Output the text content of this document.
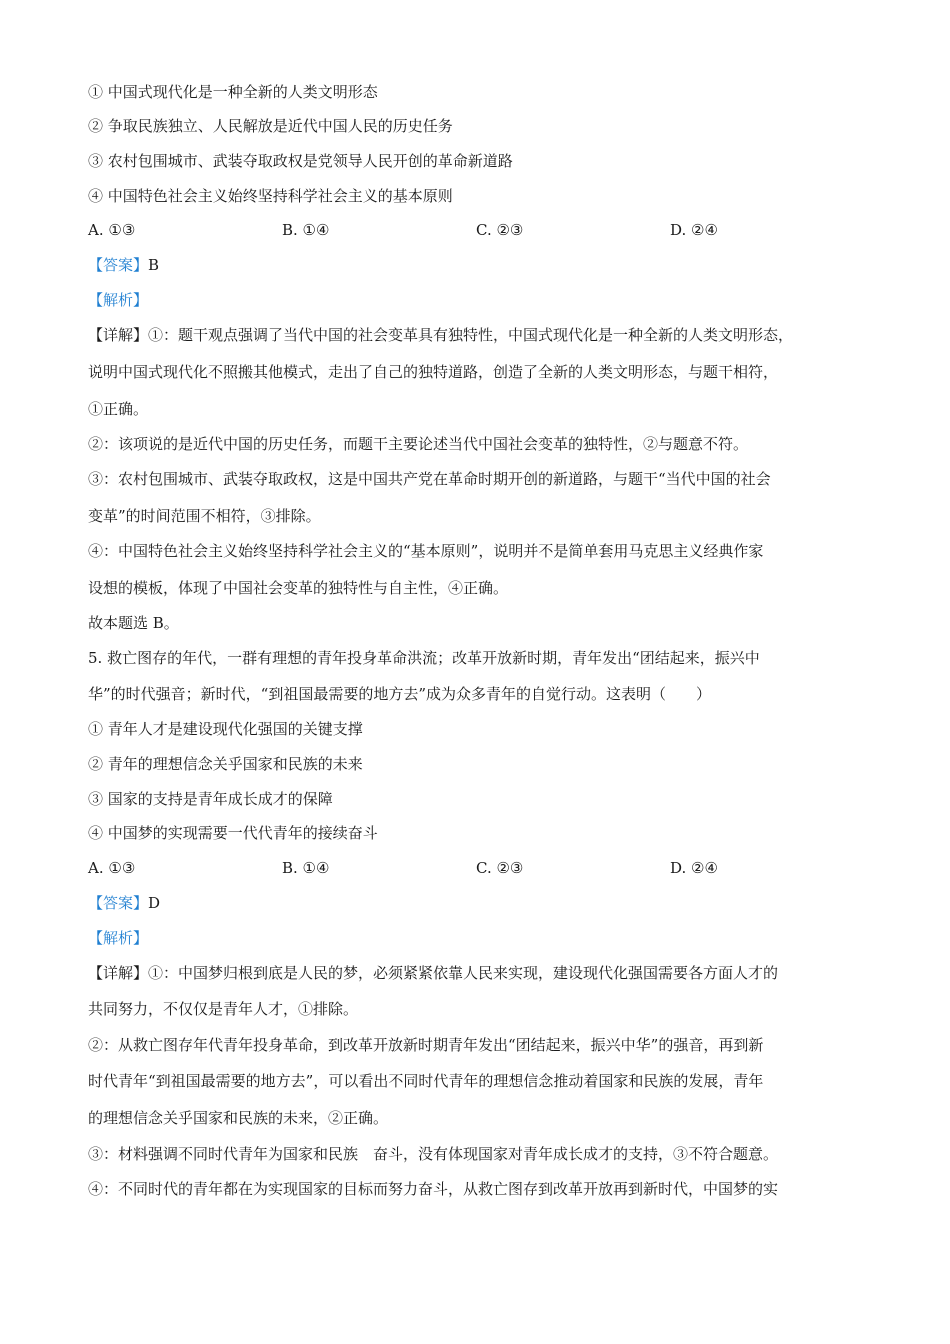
① 中国式现代化是一种全新的人类文明形态
② 争取民族独立、人民解放是近代中国人民的历史任务
③ 农村包围城市、武装夺取政权是党领导人民开创的革命新道路
④ 中国特色社会主义始终坚持科学社会主义的基本原则
A. ①③	B. ①④	C. ②③	D. ②④
【答案】B
【解析】
【详解】①：题干观点强调了当代中国的社会变革具有独特性，中国式现代化是一种全新的人类文明形态，
说明中国式现代化不照搬其他模式，走出了自己的独特道路，创造了全新的人类文明形态，与题干相符，
①正确。
②：该项说的是近代中国的历史任务，而题干主要论述当代中国社会变革的独特性，②与题意不符。
③：农村包围城市、武装夺取政权，这是中国共产党在革命时期开创的新道路，与题干“当代中国的社会
变革”的时间范围不相符，③排除。
④：中国特色社会主义始终坚持科学社会主义的“基本原则”，说明并不是简单套用马克思主义经典作家
设想的模板，体现了中国社会变革的独特性与自主性，④正确。
故本题选 B。
5. 救亡图存的年代，一群有理想的青年投身革命洪流；改革开放新时期，青年发出“团结起来，振兴中
华”的时代强音；新时代，“到祖国最需要的地方去”成为众多青年的自觉行动。这表明（　　）
① 青年人才是建设现代化强国的关键支撑
② 青年的理想信念关乎国家和民族的未来
③ 国家的支持是青年成长成才的保障
④ 中国梦的实现需要一代代青年的接续奋斗
A. ①③	B. ①④	C. ②③	D. ②④
【答案】D
【解析】
【详解】①：中国梦归根到底是人民的梦，必须紧紧依靠人民来实现，建设现代化强国需要各方面人才的
共同努力，不仅仅是青年人才，①排除。
②：从救亡图存年代青年投身革命，到改革开放新时期青年发出“团结起来，振兴中华”的强音，再到新
时代青年“到祖国最需要的地方去”，可以看出不同时代青年的理想信念推动着国家和民族的发展，青年
的理想信念关乎国家和民族的未来，②正确。
③：材料强调不同时代青年为国家和民族　奋斗，没有体现国家对青年成长成才的支持，③不符合题意。
④：不同时代的青年都在为实现国家的目标而努力奋斗，从救亡图存到改革开放再到新时代，中国梦的实
